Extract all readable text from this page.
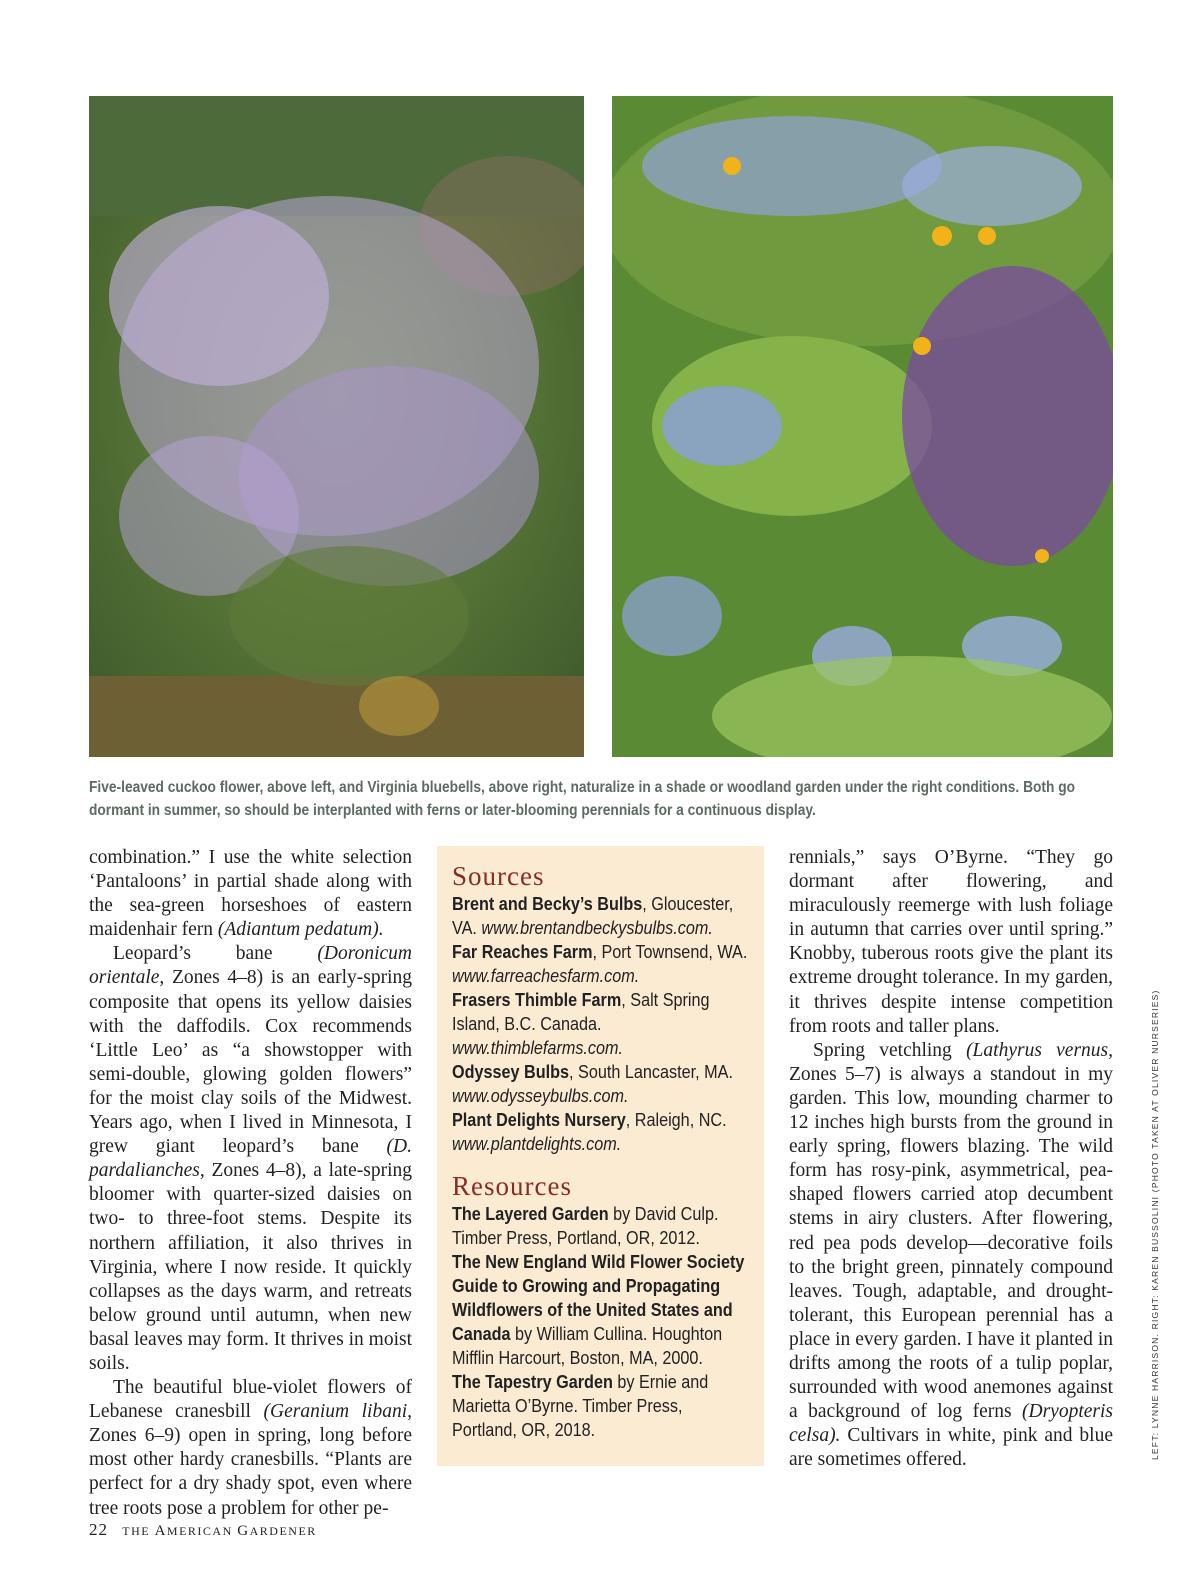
Five-leaved cuckoo flower, above left, and Virginia bluebells, above right, naturalize in a shade or woodland garden under the right conditions. Both go dormant in summer, so should be interplanted with ferns or later-blooming perennials for a continuous display.

combination.” I use the white selection ‘Pantaloons’ in partial shade along with the sea-green horseshoes of eastern maidenhair fern (Adiantum pedatum).

Leopard’s bane (Doronicum orientale, Zones 4–8) is an early-spring composite that opens its yellow daisies with the daffodils. Cox recommends ‘Little Leo’ as “a showstopper with semi-double, glowing golden flowers” for the moist clay soils of the Midwest. Years ago, when I lived in Minnesota, I grew giant leopard’s bane (D. pardalianches, Zones 4–8), a late-spring bloomer with quarter-sized daisies on two- to three-foot stems. Despite its northern affiliation, it also thrives in Virginia, where I now reside. It quickly collapses as the days warm, and retreats below ground until autumn, when new basal leaves may form. It thrives in moist soils.

The beautiful blue-violet flowers of Lebanese cranesbill (Geranium libani, Zones 6–9) open in spring, long before most other hardy cranesbills. “Plants are perfect for a dry shady spot, even where tree roots pose a problem for other pe-

Sources

Brent and Becky’s Bulbs, Gloucester, VA. www.brentandbeckysbulbs.com.

Far Reaches Farm, Port Townsend, WA. www.farreachesfarm.com.

Frasers Thimble Farm, Salt Spring Island, B.C. Canada. www.thimblefarms.com.

Odyssey Bulbs, South Lancaster, MA. www.odysseybulbs.com.

Plant Delights Nursery, Raleigh, NC. www.plantdelights.com.

Resources

The Layered Garden by David Culp. Timber Press, Portland, OR, 2012.

The New England Wild Flower Society Guide to Growing and Propagating Wildflowers of the United States and Canada by William Cullina. Houghton Mifflin Harcourt, Boston, MA, 2000.

The Tapestry Garden by Ernie and Marietta O’Byrne. Timber Press, Portland, OR, 2018.

rennials,” says O’Byrne. “They go dormant after flowering, and miraculously reemerge with lush foliage in autumn that carries over until spring.” Knobby, tuberous roots give the plant its extreme drought tolerance. In my garden, it thrives despite intense competition from roots and taller plans.

Spring vetchling (Lathyrus vernus, Zones 5–7) is always a standout in my garden. This low, mounding charmer to 12 inches high bursts from the ground in early spring, flowers blazing. The wild form has rosy-pink, asymmetrical, pea-shaped flowers carried atop decumbent stems in airy clusters. After flowering, red pea pods develop—decorative foils to the bright green, pinnately compound leaves. Tough, adaptable, and drought-tolerant, this European perennial has a place in every garden. I have it planted in drifts among the roots of a tulip poplar, surrounded with wood anemones against a background of log ferns (Dryopteris celsa). Cultivars in white, pink and blue are sometimes offered.	LEFT: LYNNE HARRISON. RIGHT: KAREN BUSSOLINI (PHOTO TAKEN AT OLIVER NURSERIES)
22 THE AMERICAN GARDENER
